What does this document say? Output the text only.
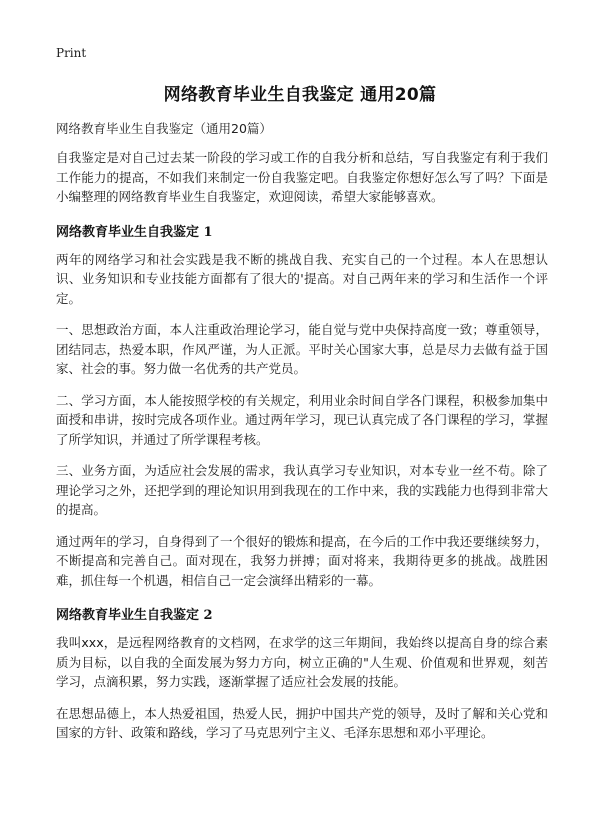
Print
网络教育毕业生自我鉴定 通用20篇
网络教育毕业生自我鉴定（通用20篇）

自我鉴定是对自己过去某一阶段的学习或工作的自我分析和总结，写自我鉴定有利于我们工作能力的提高，不如我们来制定一份自我鉴定吧。自我鉴定你想好怎么写了吗？下面是小编整理的网络教育毕业生自我鉴定，欢迎阅读，希望大家能够喜欢。

网络教育毕业生自我鉴定 1

两年的网络学习和社会实践是我不断的挑战自我、充实自己的一个过程。本人在思想认识、业务知识和专业技能方面都有了很大的'提高。对自己两年来的学习和生活作一个评定。

一、思想政治方面，本人注重政治理论学习，能自觉与党中央保持高度一致；尊重领导，团结同志，热爱本职，作风严谨，为人正派。平时关心国家大事，总是尽力去做有益于国家、社会的事。努力做一名优秀的共产党员。

二、学习方面，本人能按照学校的有关规定，利用业余时间自学各门课程，积极参加集中面授和串讲，按时完成各项作业。通过两年学习，现已认真完成了各门课程的学习，掌握了所学知识，并通过了所学课程考核。

三、业务方面，为适应社会发展的需求，我认真学习专业知识，对本专业一丝不苟。除了理论学习之外，还把学到的理论知识用到我现在的工作中来，我的实践能力也得到非常大的提高。

通过两年的学习，自身得到了一个很好的锻炼和提高，在今后的工作中我还要继续努力，不断提高和完善自己。面对现在，我努力拼搏；面对将来，我期待更多的挑战。战胜困难，抓住每一个机遇，相信自己一定会演绎出精彩的一幕。

网络教育毕业生自我鉴定 2

我叫xxx，是远程网络教育的文档网，在求学的这三年期间，我始终以提高自身的综合素质为目标，以自我的全面发展为努力方向，树立正确的"人生观、价值观和世界观，刻苦学习，点滴积累，努力实践，逐渐掌握了适应社会发展的技能。

在思想品德上，本人热爱祖国，热爱人民，拥护中国共产党的领导，及时了解和关心党和国家的方针、政策和路线，学习了马克思列宁主义、毛泽东思想和邓小平理论。
